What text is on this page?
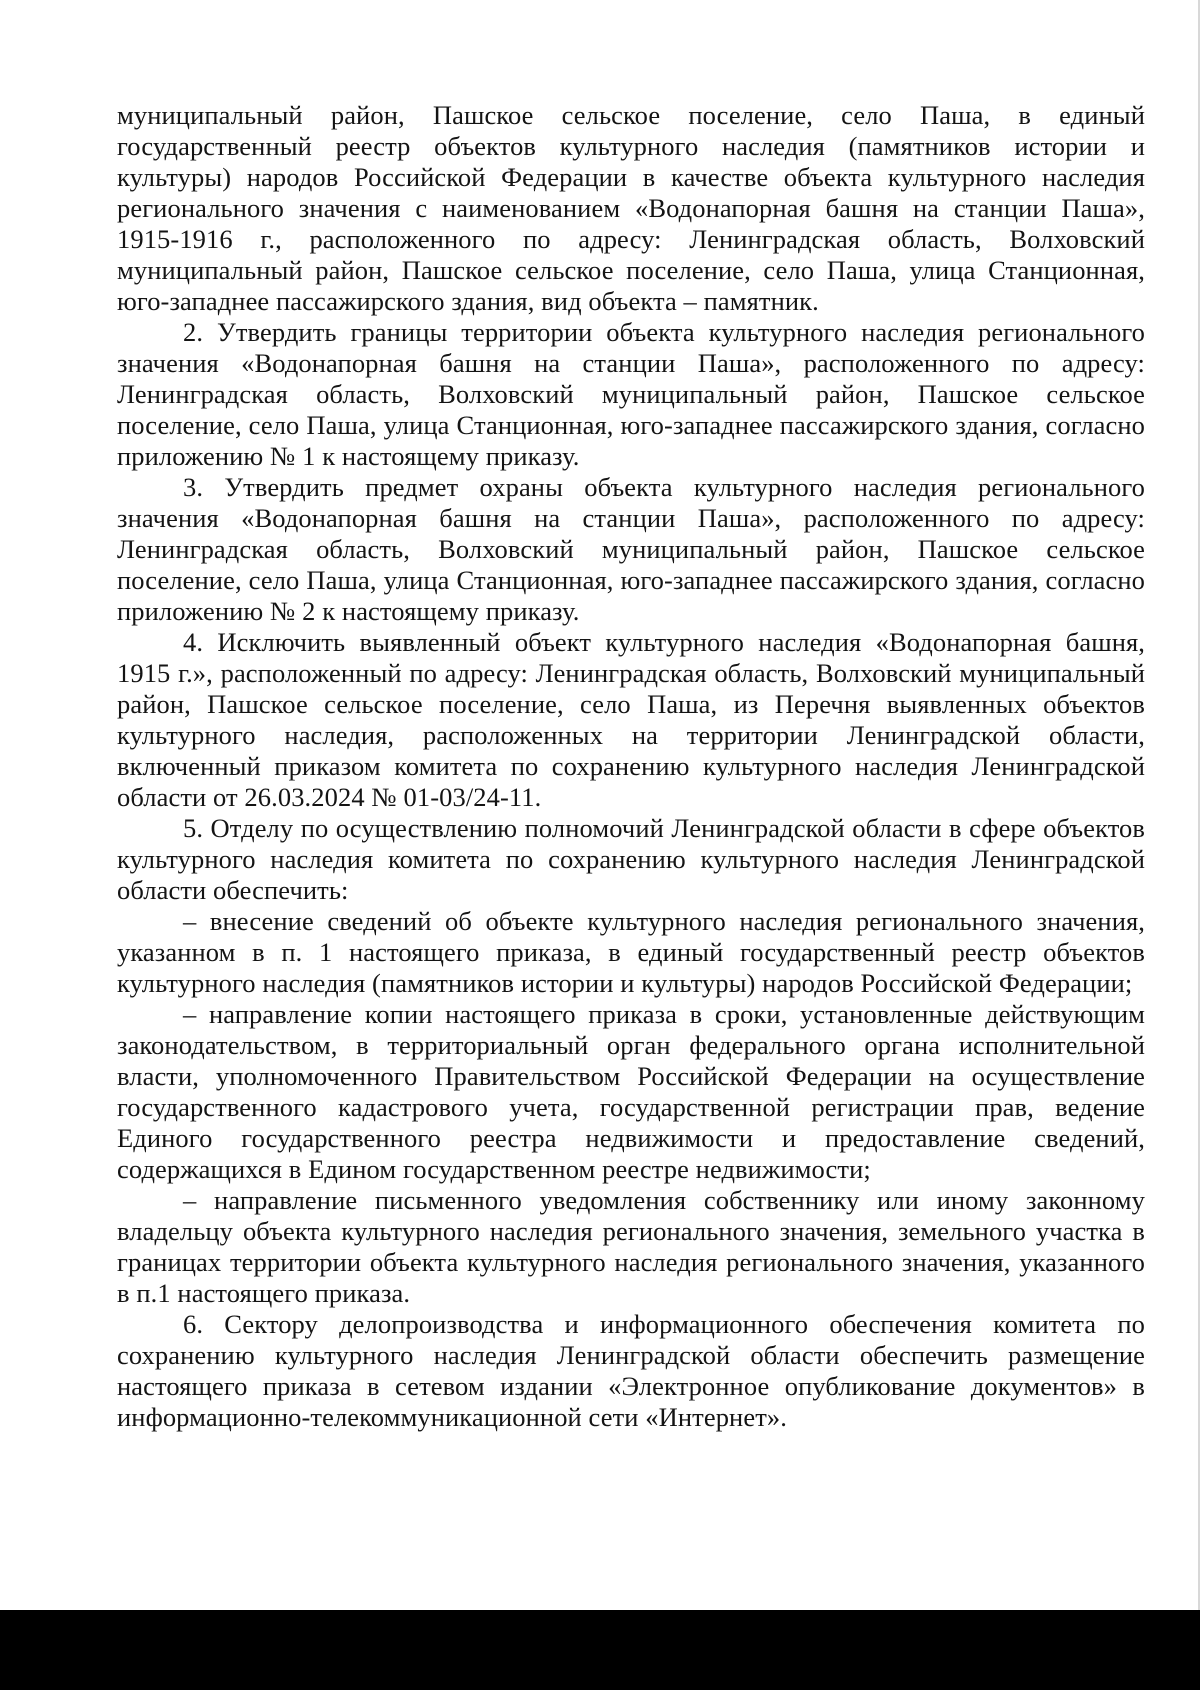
муниципальный район, Пашское сельское поселение, село Паша, в единый государственный реестр объектов культурного наследия (памятников истории и культуры) народов Российской Федерации в качестве объекта культурного наследия регионального значения с наименованием «Водонапорная башня на станции Паша», 1915-1916 г., расположенного по адресу: Ленинградская область, Волховский муниципальный район, Пашское сельское поселение, село Паша, улица Станционная, юго-западнее пассажирского здания, вид объекта – памятник.

2. Утвердить границы территории объекта культурного наследия регионального значения «Водонапорная башня на станции Паша», расположенного по адресу: Ленинградская область, Волховский муниципальный район, Пашское сельское поселение, село Паша, улица Станционная, юго-западнее пассажирского здания, согласно приложению № 1 к настоящему приказу.

3. Утвердить предмет охраны объекта культурного наследия регионального значения «Водонапорная башня на станции Паша», расположенного по адресу: Ленинградская область, Волховский муниципальный район, Пашское сельское поселение, село Паша, улица Станционная, юго-западнее пассажирского здания, согласно приложению № 2 к настоящему приказу.

4. Исключить выявленный объект культурного наследия «Водонапорная башня, 1915 г.», расположенный по адресу: Ленинградская область, Волховский муниципальный район, Пашское сельское поселение, село Паша, из Перечня выявленных объектов культурного наследия, расположенных на территории Ленинградской области, включенный приказом комитета по сохранению культурного наследия Ленинградской области от 26.03.2024 № 01-03/24-11.

5. Отделу по осуществлению полномочий Ленинградской области в сфере объектов культурного наследия комитета по сохранению культурного наследия Ленинградской области обеспечить:

– внесение сведений об объекте культурного наследия регионального значения, указанном в п. 1 настоящего приказа, в единый государственный реестр объектов культурного наследия (памятников истории и культуры) народов Российской Федерации;

– направление копии настоящего приказа в сроки, установленные действующим законодательством, в территориальный орган федерального органа исполнительной власти, уполномоченного Правительством Российской Федерации на осуществление государственного кадастрового учета, государственной регистрации прав, ведение Единого государственного реестра недвижимости и предоставление сведений, содержащихся в Едином государственном реестре недвижимости;

– направление письменного уведомления собственнику или иному законному владельцу объекта культурного наследия регионального значения, земельного участка в границах территории объекта культурного наследия регионального значения, указанного в п.1 настоящего приказа.

6. Сектору делопроизводства и информационного обеспечения комитета по сохранению культурного наследия Ленинградской области обеспечить размещение настоящего приказа в сетевом издании «Электронное опубликование документов» в информационно-телекоммуникационной сети «Интернет».
